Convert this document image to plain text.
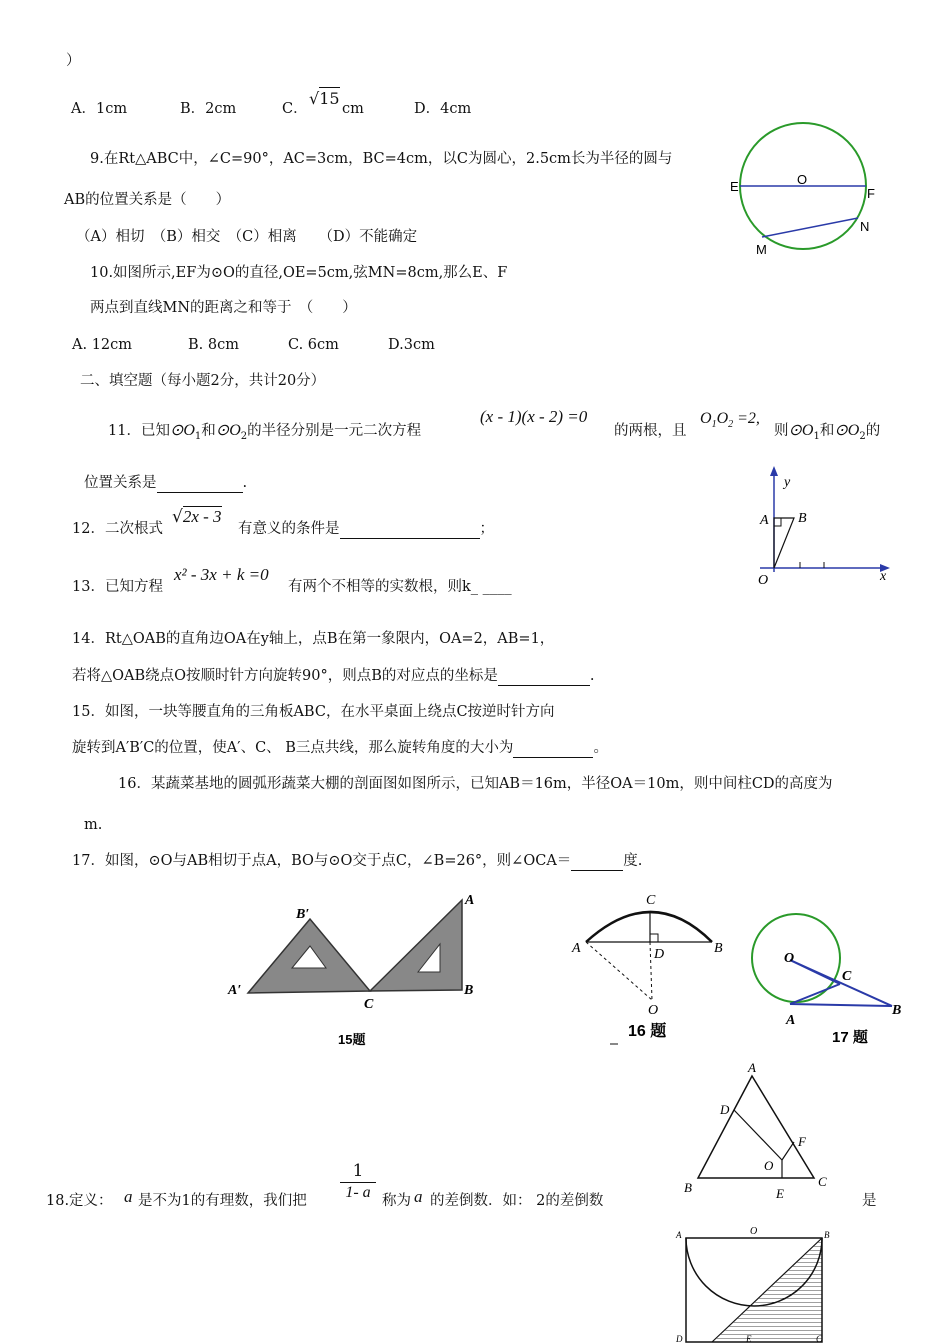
）
A．1cm	B．2cm	C．
√15
cm	D．4cm
9.在Rt△ABC中，∠C=90°，AC=3cm，BC=4cm，以C为圆心，2.5cm长为半径的圆与
AB的位置关系是（　　）
（A）相切　（B）相交　（C）相离　　（D）不能确定
10.如图所示,EF为⊙O的直径,OE=5cm,弦MN=8cm,那么E、F
两点到直线MN的距离之和等于　（　　）
A. 12cm	B. 8cm	C. 6cm	D.3cm
E	O
F
M
N
二、填空题（每小题2分，共计20分）
11．已知$⊙O_1$和$⊙O_2$的半径分别是一元二次方程
(x - 1)(x - 2) =0
的两根，且
$O_1O_2 =2$,
则$⊙O_1$和$⊙O_2$的
位置关系是	.
12．二次根式
√2x - 3
有意义的条件是	；
13．已知方程
x² - 3x + k =0
有两个不相等的实数根，则k_ ____
y
x
A B
O
14．Rt△OAB的直角边OA在y轴上，点B在第一象限内，OA=2，AB=1，
若将△OAB绕点O按顺时针方向旋转90°，则点B的对应点的坐标是	.
15．如图，一块等腰直角的三角板ABC，在水平桌面上绕点C按逆时针方向
旋转到A′B′C的位置，使A′、C、 B三点共线，那么旋转角度的大小为	。
16．某蔬菜基地的圆弧形蔬菜大棚的剖面图如图所示，已知AB＝16m，半径OA＝10m，则中间柱CD的高度为
m.
17．如图，⊙O与AB相切于点A，BO与⊙O交于点C，∠B=26°，则∠OCA＝	度.
B′
A
A′
C
B
15题
C
A	D	B
O
16 题
O
C
A
B
17 题
A
D
F
O
B	E
C
18.定义： a 是不为1的有理数，我们把
1
1- a 称为 a 的差倒数．如： 2的差倒数	是
A	O	B
D	E	C
